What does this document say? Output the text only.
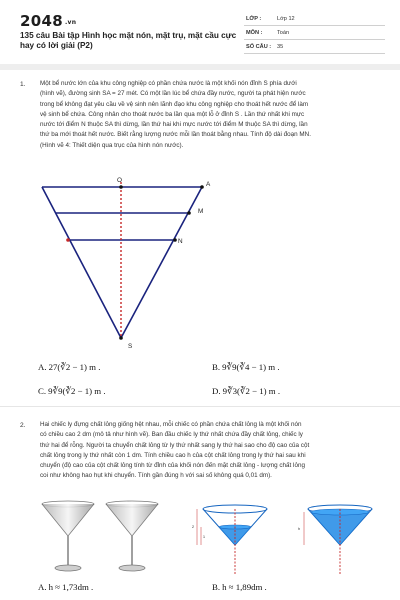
2048 $^{.vn}$
135 câu Bài tập Hình học mặt nón, mặt trụ, mặt cầu cực hay có lời giải (P2)
LỚP :	Lớp 12
MÔN :	Toán
SỐ CÂU : 35
1. Một bể nước lớn của khu công nghiệp có phần chứa nước là một khối nón đỉnh S phía dưới
(hình vẽ), đường sinh SA = 27 mét. Có một lần lúc bể chứa đầy nước, người ta phát hiện nước
trong bể không đạt yêu cầu về vệ sinh nên lãnh đạo khu công nghiệp cho thoát hết nước để làm
vệ sinh bể chứa. Công nhân cho thoát nước ba lần qua một lỗ ở đỉnh S . Lần thứ nhất khi mực
nước tới điểm N thuộc SA thì dừng, lần thứ hai khi mực nước tới điểm M thuộc SA thì dừng, lần
thứ ba mới thoát hết nước. Biết rằng lượng nước mỗi lần thoát bằng nhau. Tính độ dài đoạn MN.
(Hình vẽ 4: Thiết diện qua trục của hình nón nước).
O
A
M
N
S
A. 27(∛2 − 1) m .	B. 9∛9(∛4 − 1) m .
C. 9∛9(∛2 − 1) m .	D. 9∛3(∛2 − 1) m .
2. Hai chiếc ly đựng chất lỏng giống hệt nhau, mỗi chiếc có phần chứa chất lỏng là một khối nón
có chiều cao 2 dm (mô tả như hình vẽ). Ban đầu chiếc ly thứ nhất chứa đầy chất lỏng, chiếc ly
thứ hai để rỗng. Người ta chuyển chất lỏng từ ly thứ nhất sang ly thứ hai sao cho độ cao của cột
chất lỏng trong ly thứ nhất còn 1 dm. Tính chiều cao h của cột chất lỏng trong ly thứ hai sau khi
chuyển (độ cao của cột chất lỏng tính từ đỉnh của khối nón đến mặt chất lỏng - lượng chất lỏng
coi như không hao hụt khi chuyển. Tính gần đúng h với sai số không quá 0,01 dm).
2
1
h
A. h ≈ 1,73dm .	B. h ≈ 1,89dm .
